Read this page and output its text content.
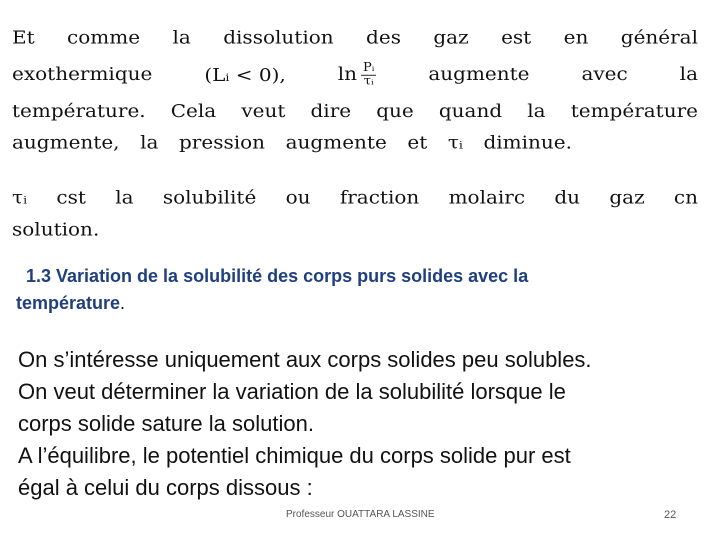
Et comme la dissolution des gaz est en général

exothermique	(Lᵢ < 0),	$\ln \frac{\text{Pᵢ}}{\text{τᵢ}}$	augmente avec la

température. Cela veut dire que quand la température

augmente, la pression augmente et τᵢ diminue.

τᵢ cst la solubilité ou fraction molairc du gaz cn

solution.

1.3 Variation de la solubilité des corps purs solides avec la
température.
On s’intéresse uniquement aux corps solides peu solubles.
On veut déterminer la variation de la solubilité lorsque le
corps solide sature la solution.
A l’équilibre, le potentiel chimique du corps solide pur est
égal à celui du corps dissous :
Professeur OUATTARA LASSINE	22
